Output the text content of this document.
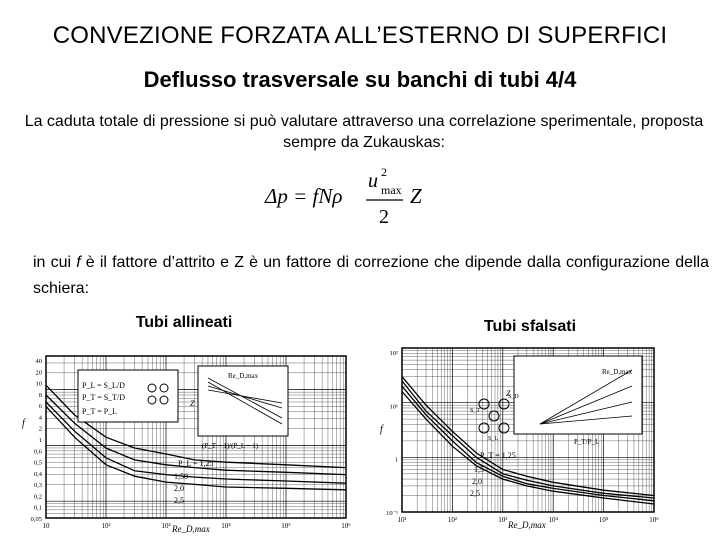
CONVEZIONE FORZATA ALL’ESTERNO DI SUPERFICI
Deflusso trasversale su banchi di tubi 4/4
La caduta totale di pressione si può valutare attraverso una correlazione sperimentale, proposta sempre da Zukauskas:
Δp = fNρ
u 2
max
2
Z
in cui f è il fattore d’attrito e Z è un fattore di correzione che dipende dalla configurazione della schiera:
Tubi allineati	Tubi sfalsati
40
20
10
8
6
4
2
1
0,6
0,5
0,4
0,3
0,2
0,1
0,05
10	10²	10³	10⁴	10⁵	10⁶
f
Re_D,max
P_L = S_L/D
P_T = S_T/D
P_T = P_L
Z
Re_D,max
(P_T − 1)/(P_L − 1)
P_L = 1,25
1,50
2,0
2,5
10²
10¹
1
10⁻¹
10¹	10²	10³	10⁴	10⁵	10⁶
f
Re_D,max
Z
Re_D,max
P_T/P_L
S_D
S_T
S_L
P_T = 1,25
1,5
2,0
2,5
